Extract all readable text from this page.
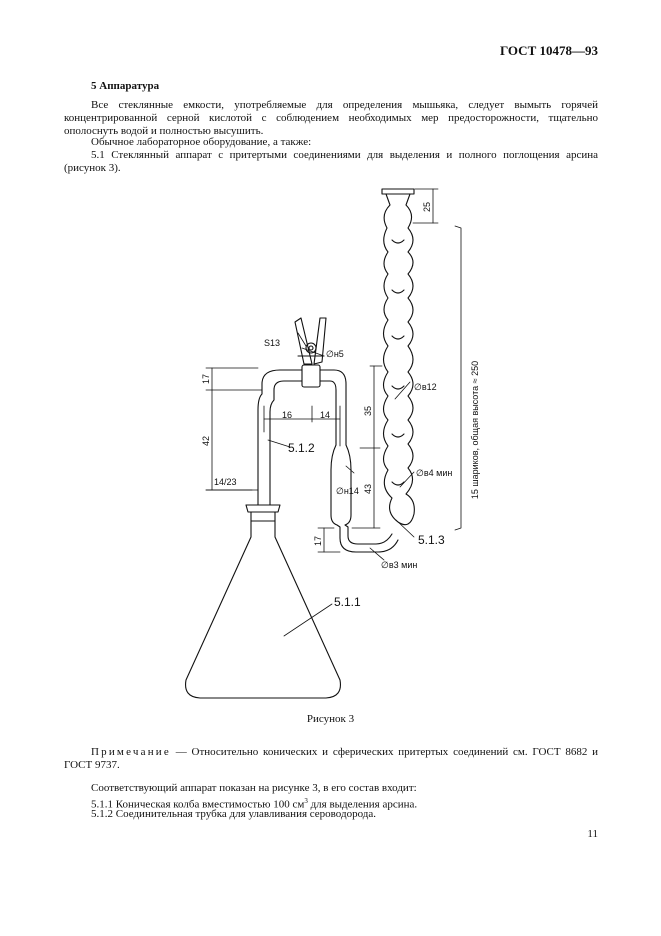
ГОСТ 10478—93
5 Аппаратура
Все стеклянные емкости, употребляемые для определения мышьяка, следует вымыть горячей концентрированной серной кислотой с соблюдением необходимых мер предосторожности, тщательно ополоснуть водой и полностью высушить.
Обычное лабораторное оборудование, а также:
5.1 Стеклянный аппарат с притертыми соединениями для выделения и полного поглощения арсина (рисунок 3).
S13
∅н5
∅в12
∅в4 мин
∅н14
∅в3 мин
14/23
16	14
25
17
42
35
43
17
15 шариков, общая высота ≈ 250
5.1.2
5.1.3
5.1.1
Рисунок 3
Примечание — Относительно конических и сферических притертых соединений см. ГОСТ 8682 и ГОСТ 9737.
Соответствующий аппарат показан на рисунке 3, в его состав входит:
5.1.1 Коническая колба вместимостью 100 $см^3$ для выделения арсина.
5.1.2 Соединительная трубка для улавливания сероводорода.
11
